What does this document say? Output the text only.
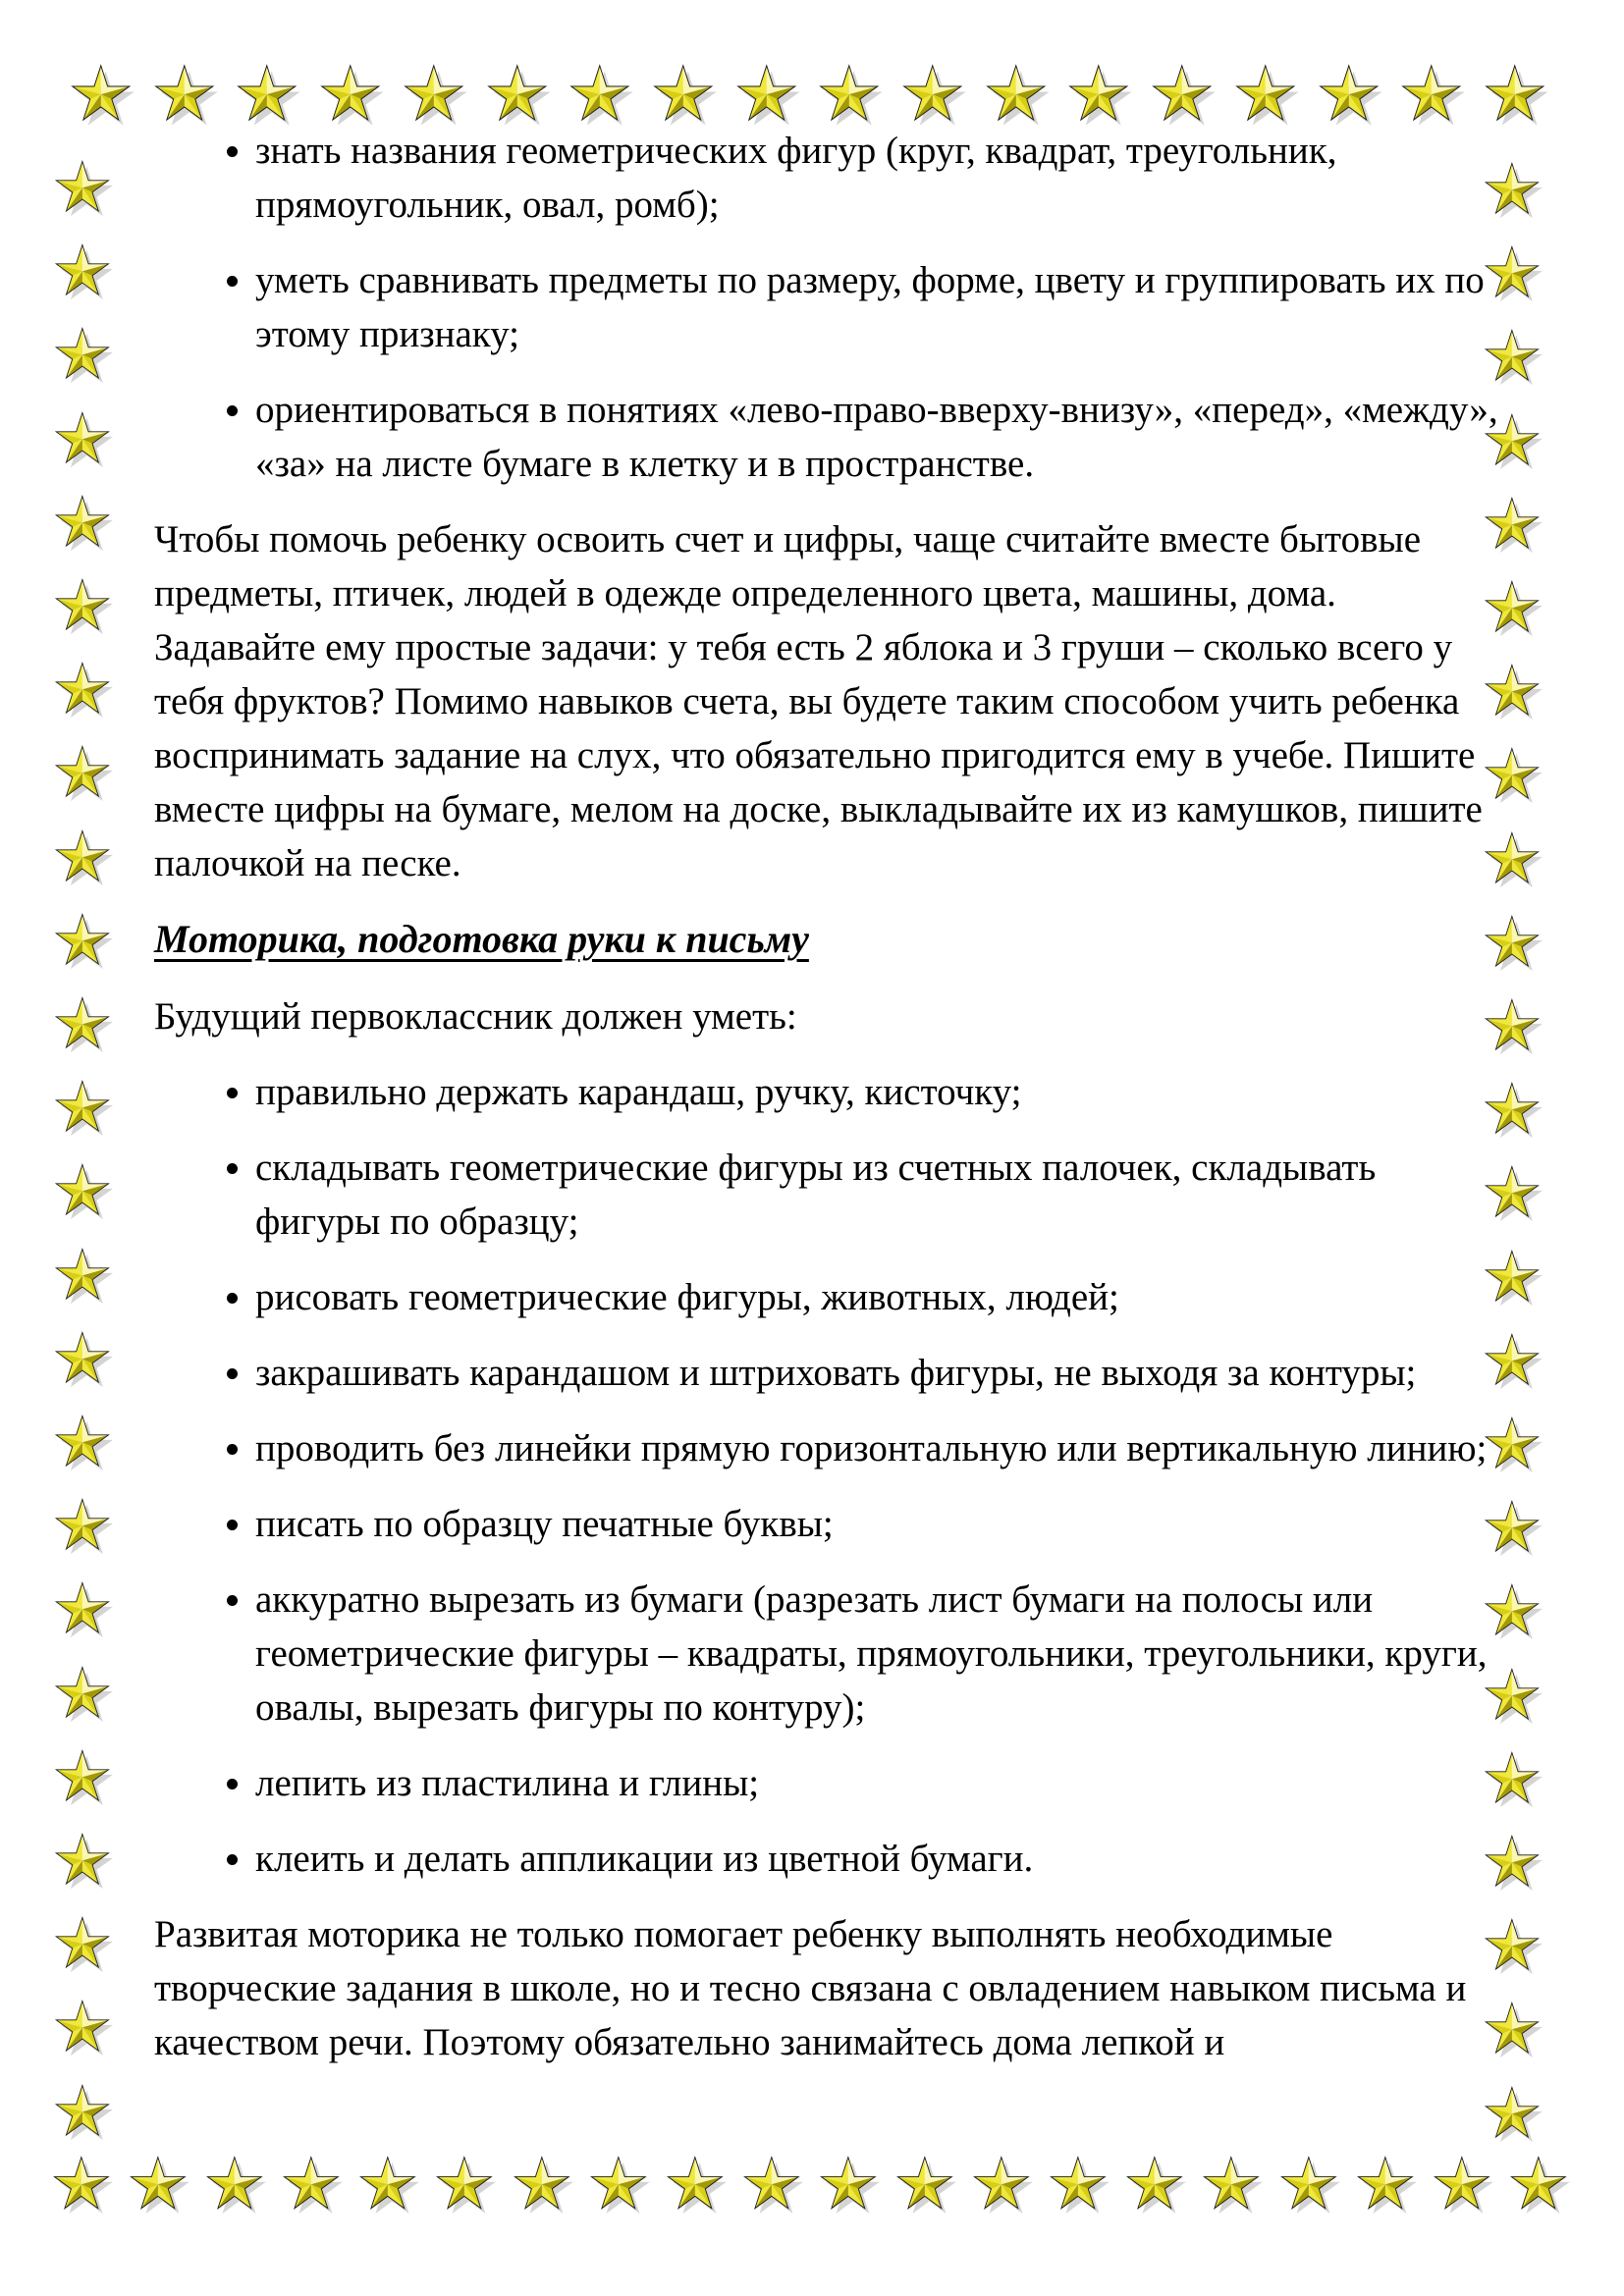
знать названия геометрических фигур (круг, квадрат, треугольник, прямоугольник, овал, ромб);
уметь сравнивать предметы по размеру, форме, цвету и группировать их по этому признаку;
ориентироваться в понятиях «лево-право-вверху-внизу», «перед», «между», «за» на листе бумаге в клетку и в пространстве.

Чтобы помочь ребенку освоить счет и цифры, чаще считайте вместе бытовые предметы, птичек, людей в одежде определенного цвета, машины, дома. Задавайте ему простые задачи: у тебя есть 2 яблока и 3 груши – сколько всего у тебя фруктов? Помимо навыков счета, вы будете таким способом учить ребенка воспринимать задание на слух, что обязательно пригодится ему в учебе. Пишите вместе цифры на бумаге, мелом на доске, выкладывайте их из камушков, пишите палочкой на песке.

Моторика, подготовка руки к письму

Будущий первоклассник должен уметь:

правильно держать карандаш, ручку, кисточку;
складывать геометрические фигуры из счетных палочек, складывать фигуры по образцу;
рисовать геометрические фигуры, животных, людей;
закрашивать карандашом и штриховать фигуры, не выходя за контуры;
проводить без линейки прямую горизонтальную или вертикальную линию;
писать по образцу печатные буквы;
аккуратно вырезать из бумаги (разрезать лист бумаги на полосы или геометрические фигуры – квадраты, прямоугольники, треугольники, круги, овалы, вырезать фигуры по контуру);
лепить из пластилина и глины;
клеить и делать аппликации из цветной бумаги.

Развитая моторика не только помогает ребенку выполнять необходимые творческие задания в школе, но и тесно связана с овладением навыком письма и качеством речи. Поэтому обязательно занимайтесь дома лепкой и
